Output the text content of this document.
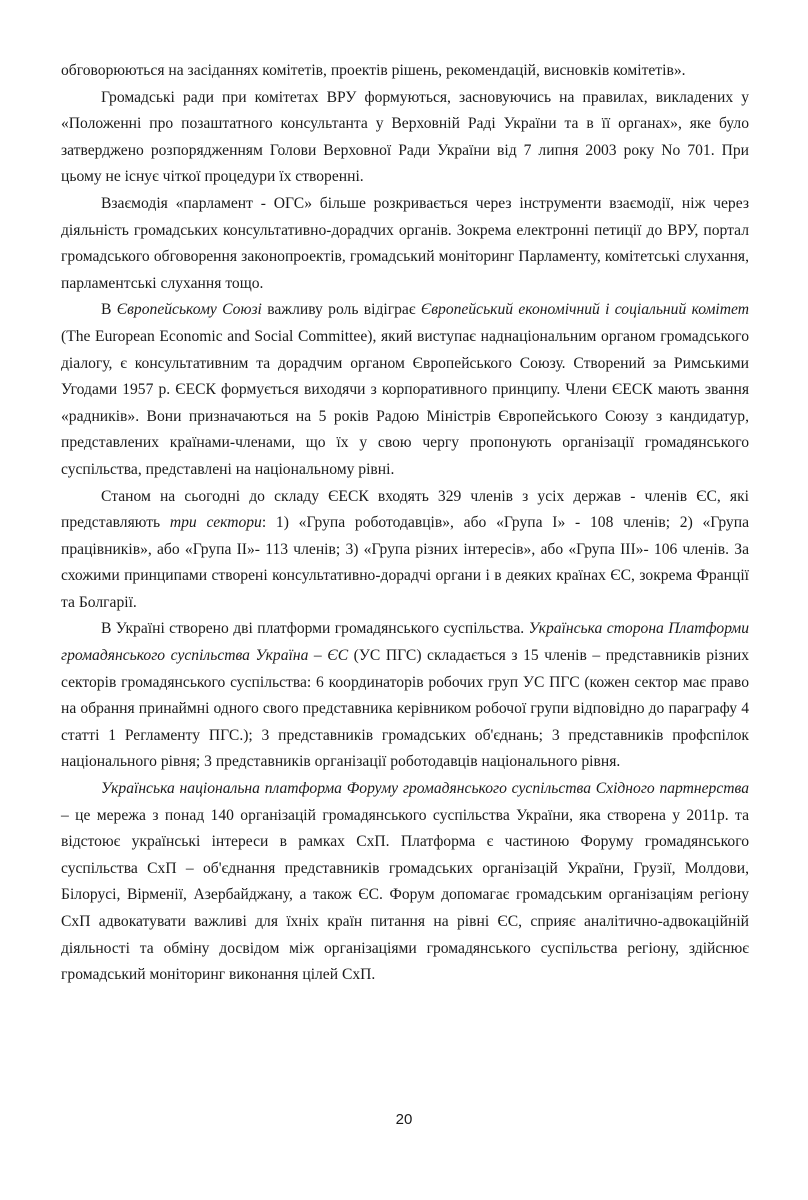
обговорюються на засіданнях комітетів, проектів рішень, рекомендацій, висновків комітетів».

Громадські ради при комітетах ВРУ формуються, засновуючись на правилах, викладених у «Положенні про позаштатного консультанта у Верховній Раді України та в її органах», яке було затверджено розпорядженням Голови Верховної Ради України від 7 липня 2003 року No 701. При цьому не існує чіткої процедури їх створенні.

Взаємодія «парламент - ОГС» більше розкривається через інструменти взаємодії, ніж через діяльність громадських консультативно-дорадчих органів. Зокрема електронні петиції до ВРУ, портал громадського обговорення законопроектів, громадський моніторинг Парламенту, комітетські слухання, парламентські слухання тощо.

В Європейському Союзі важливу роль відіграє Європейський економічний і соціальний комітет (The European Economic and Social Committee), який виступає наднаціональним органом громадського діалогу, є консультативним та дорадчим органом Європейського Союзу. Створений за Римськими Угодами 1957 р. ЄЕСК формується виходячи з корпоративного принципу. Члени ЄЕСК мають звання «радників». Вони призначаються на 5 років Радою Міністрів Європейського Союзу з кандидатур, представлених країнами-членами, що їх у свою чергу пропонують організації громадянського суспільства, представлені на національному рівні.

Станом на сьогодні до складу ЄЕСК входять 329 членів з усіх держав - членів ЄС, які представляють три сектори: 1) «Група роботодавців», або «Група I» - 108 членів; 2) «Група працівників», або «Група II»- 113 членів; 3) «Група різних інтересів», або «Група III»- 106 членів. За схожими принципами створені консультативно-дорадчі органи і в деяких країнах ЄС, зокрема Франції та Болгарії.

В Україні створено дві платформи громадянського суспільства. Українська сторона Платформи громадянського суспільства Україна – ЄС (УС ПГС) складається з 15 членів – представників різних секторів громадянського суспільства: 6 координаторів робочих груп УС ПГС (кожен сектор має право на обрання принаймні одного свого представника керівником робочої групи відповідно до параграфу 4 статті 1 Регламенту ПГС.); 3 представників громадських об'єднань; 3 представників профспілок національного рівня; 3 представників організації роботодавців національного рівня.

Українська національна платформа Форуму громадянського суспільства Східного партнерства – це мережа з понад 140 організацій громадянського суспільства України, яка створена у 2011р. та відстоює українські інтереси в рамках СхП. Платформа є частиною Форуму громадянського суспільства СхП – об'єднання представників громадських організацій України, Грузії, Молдови, Білорусі, Вірменії, Азербайджану, а також ЄС. Форум допомагає громадським організаціям регіону СхП адвокатувати важливі для їхніх країн питання на рівні ЄС, сприяє аналітично-адвокаційній діяльності та обміну досвідом між організаціями громадянського суспільства регіону, здійснює громадський моніторинг виконання цілей СхП.

20
